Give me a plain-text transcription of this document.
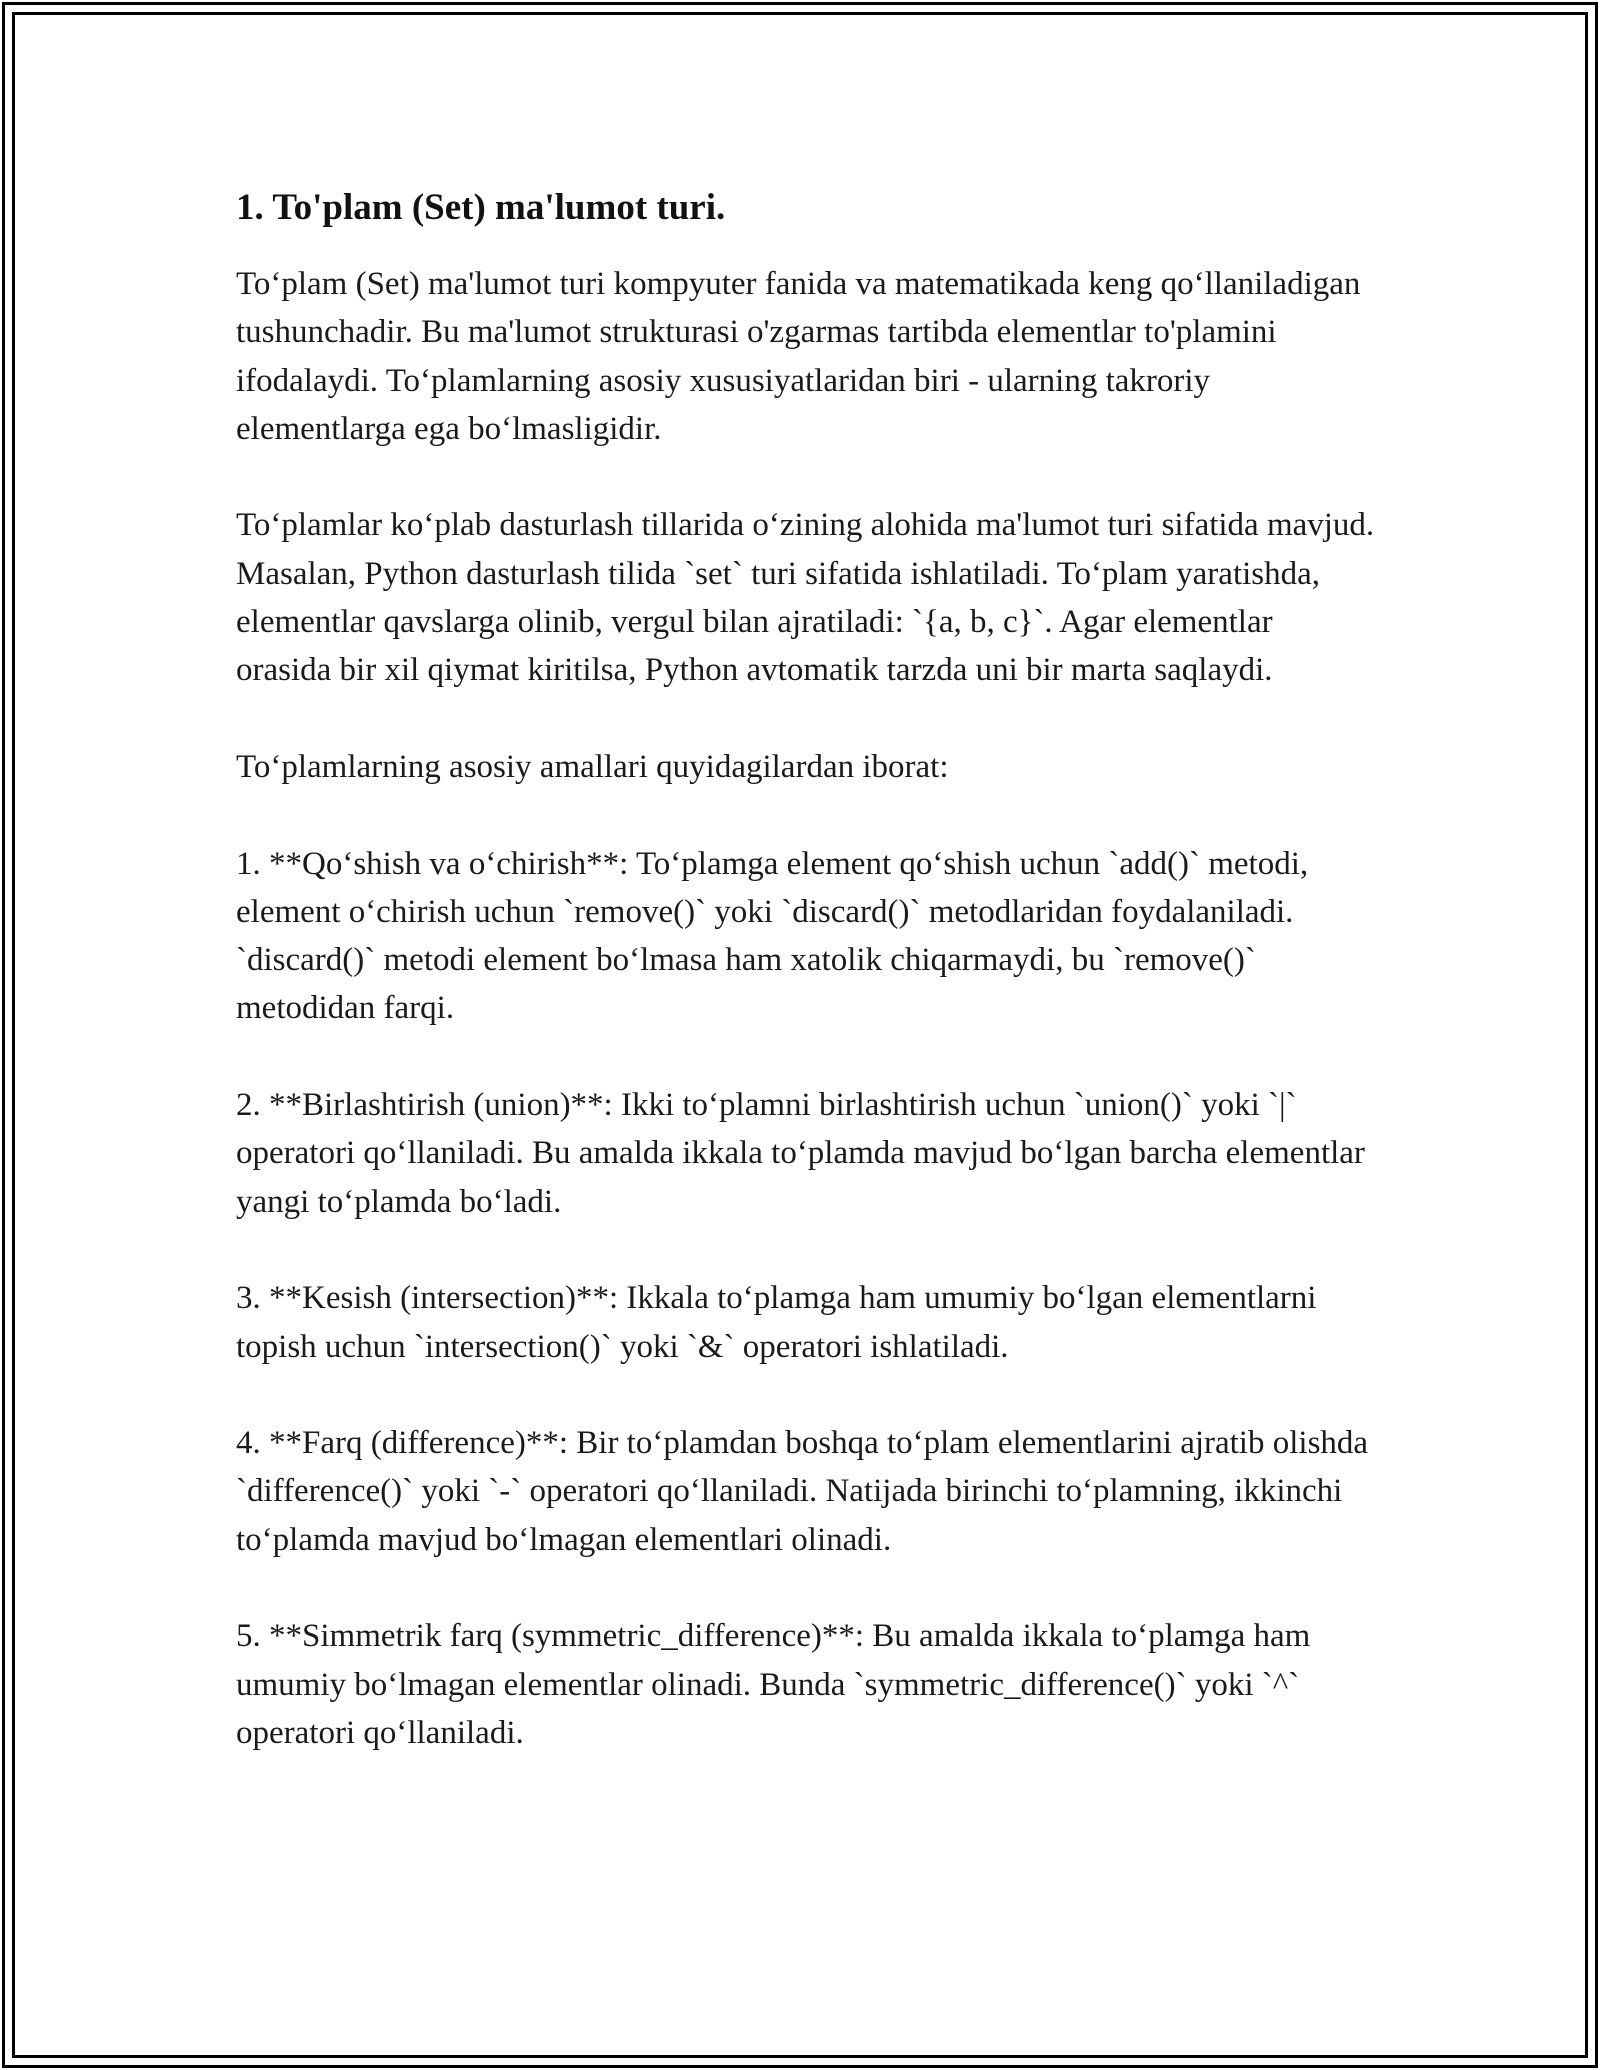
1. To'plam (Set) ma'lumot turi.

To‘plam (Set) ma'lumot turi kompyuter fanida va matematikada keng qo‘llaniladigan tushunchadir. Bu ma'lumot strukturasi o'zgarmas tartibda elementlar to'plamini ifodalaydi. To‘plamlarning asosiy xususiyatlaridan biri - ularning takroriy elementlarga ega bo‘lmasligidir.

To‘plamlar ko‘plab dasturlash tillarida o‘zining alohida ma'lumot turi sifatida mavjud. Masalan, Python dasturlash tilida `set` turi sifatida ishlatiladi. To‘plam yaratishda, elementlar qavslarga olinib, vergul bilan ajratiladi: `{a, b, c}`. Agar elementlar orasida bir xil qiymat kiritilsa, Python avtomatik tarzda uni bir marta saqlaydi.

To‘plamlarning asosiy amallari quyidagilardan iborat:

1. **Qo‘shish va o‘chirish**: To‘plamga element qo‘shish uchun `add()` metodi, element o‘chirish uchun `remove()` yoki `discard()` metodlaridan foydalaniladi. `discard()` metodi element bo‘lmasa ham xatolik chiqarmaydi, bu `remove()` metodidan farqi.

2. **Birlashtirish (union)**: Ikki to‘plamni birlashtirish uchun `union()` yoki `|` operatori qo‘llaniladi. Bu amalda ikkala to‘plamda mavjud bo‘lgan barcha elementlar yangi to‘plamda bo‘ladi.

3. **Kesish (intersection)**: Ikkala to‘plamga ham umumiy bo‘lgan elementlarni topish uchun `intersection()` yoki `&` operatori ishlatiladi.

4. **Farq (difference)**: Bir to‘plamdan boshqa to‘plam elementlarini ajratib olishda `difference()` yoki `-` operatori qo‘llaniladi. Natijada birinchi to‘plamning, ikkinchi to‘plamda mavjud bo‘lmagan elementlari olinadi.

5. **Simmetrik farq (symmetric_difference)**: Bu amalda ikkala to‘plamga ham umumiy bo‘lmagan elementlar olinadi. Bunda `symmetric_difference()` yoki `^` operatori qo‘llaniladi.
